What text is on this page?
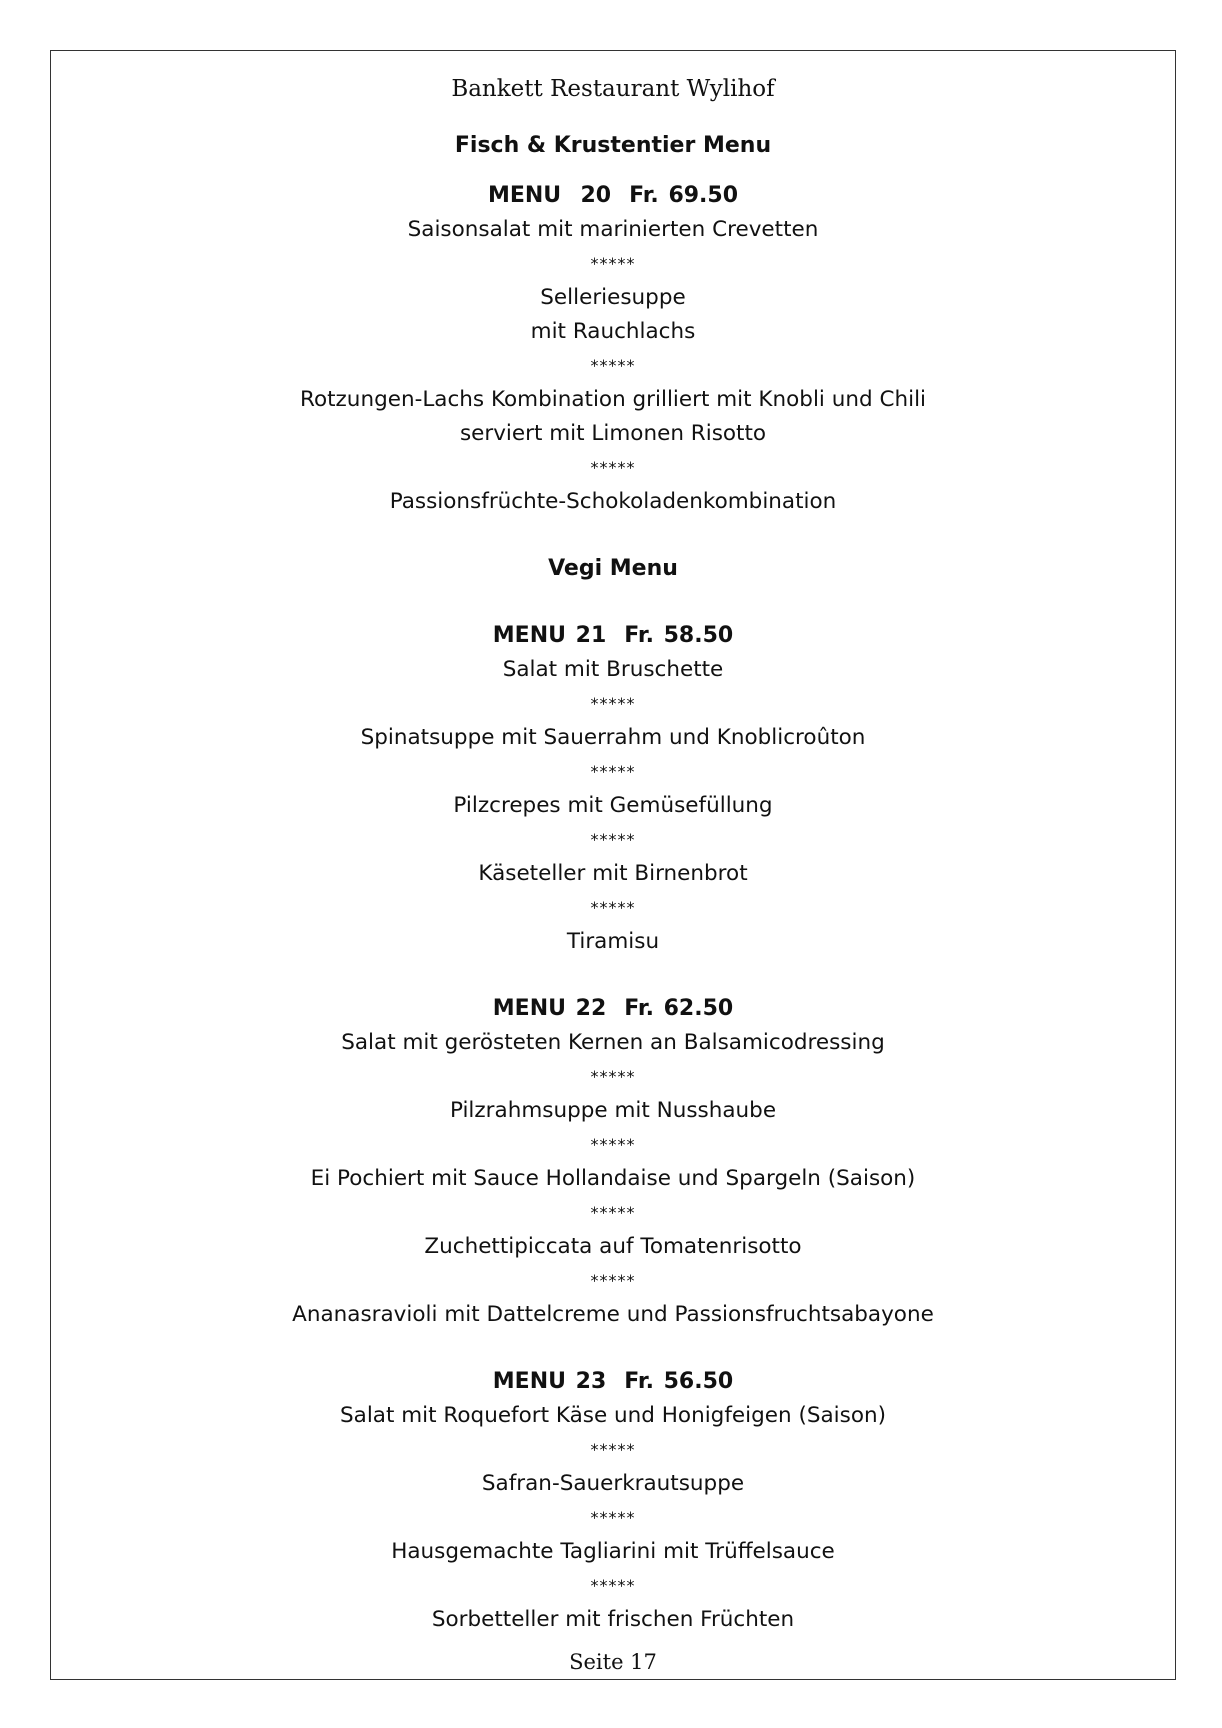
Bankett Restaurant Wylihof
Fisch & Krustentier Menu
MENU  20 Fr. 69.50
Saisonsalat mit marinierten Crevetten
*****
Selleriesuppe
mit Rauchlachs
*****
Rotzungen-Lachs Kombination grilliert mit Knobli und Chili
serviert mit Limonen Risotto
*****
Passionsfrüchte-Schokoladenkombination
Vegi Menu
MENU 21 Fr. 58.50
Salat mit Bruschette
*****
Spinatsuppe mit Sauerrahm und Knoblicroûton
*****
Pilzcrepes mit Gemüsefüllung
*****
Käseteller mit Birnenbrot
*****
Tiramisu
MENU 22 Fr. 62.50
Salat mit gerösteten Kernen an Balsamicodressing
*****
Pilzrahmsuppe mit Nusshaube
*****
Ei Pochiert mit Sauce Hollandaise und Spargeln (Saison)
*****
Zuchettipiccata auf Tomatenrisotto
*****
Ananasravioli mit Dattelcreme und Passionsfruchtsabayone
MENU 23 Fr. 56.50
Salat mit Roquefort Käse und Honigfeigen (Saison)
*****
Safran-Sauerkrautsuppe
*****
Hausgemachte Tagliarini mit Trüffelsauce
*****
Sorbetteller mit frischen Früchten
Seite 17
